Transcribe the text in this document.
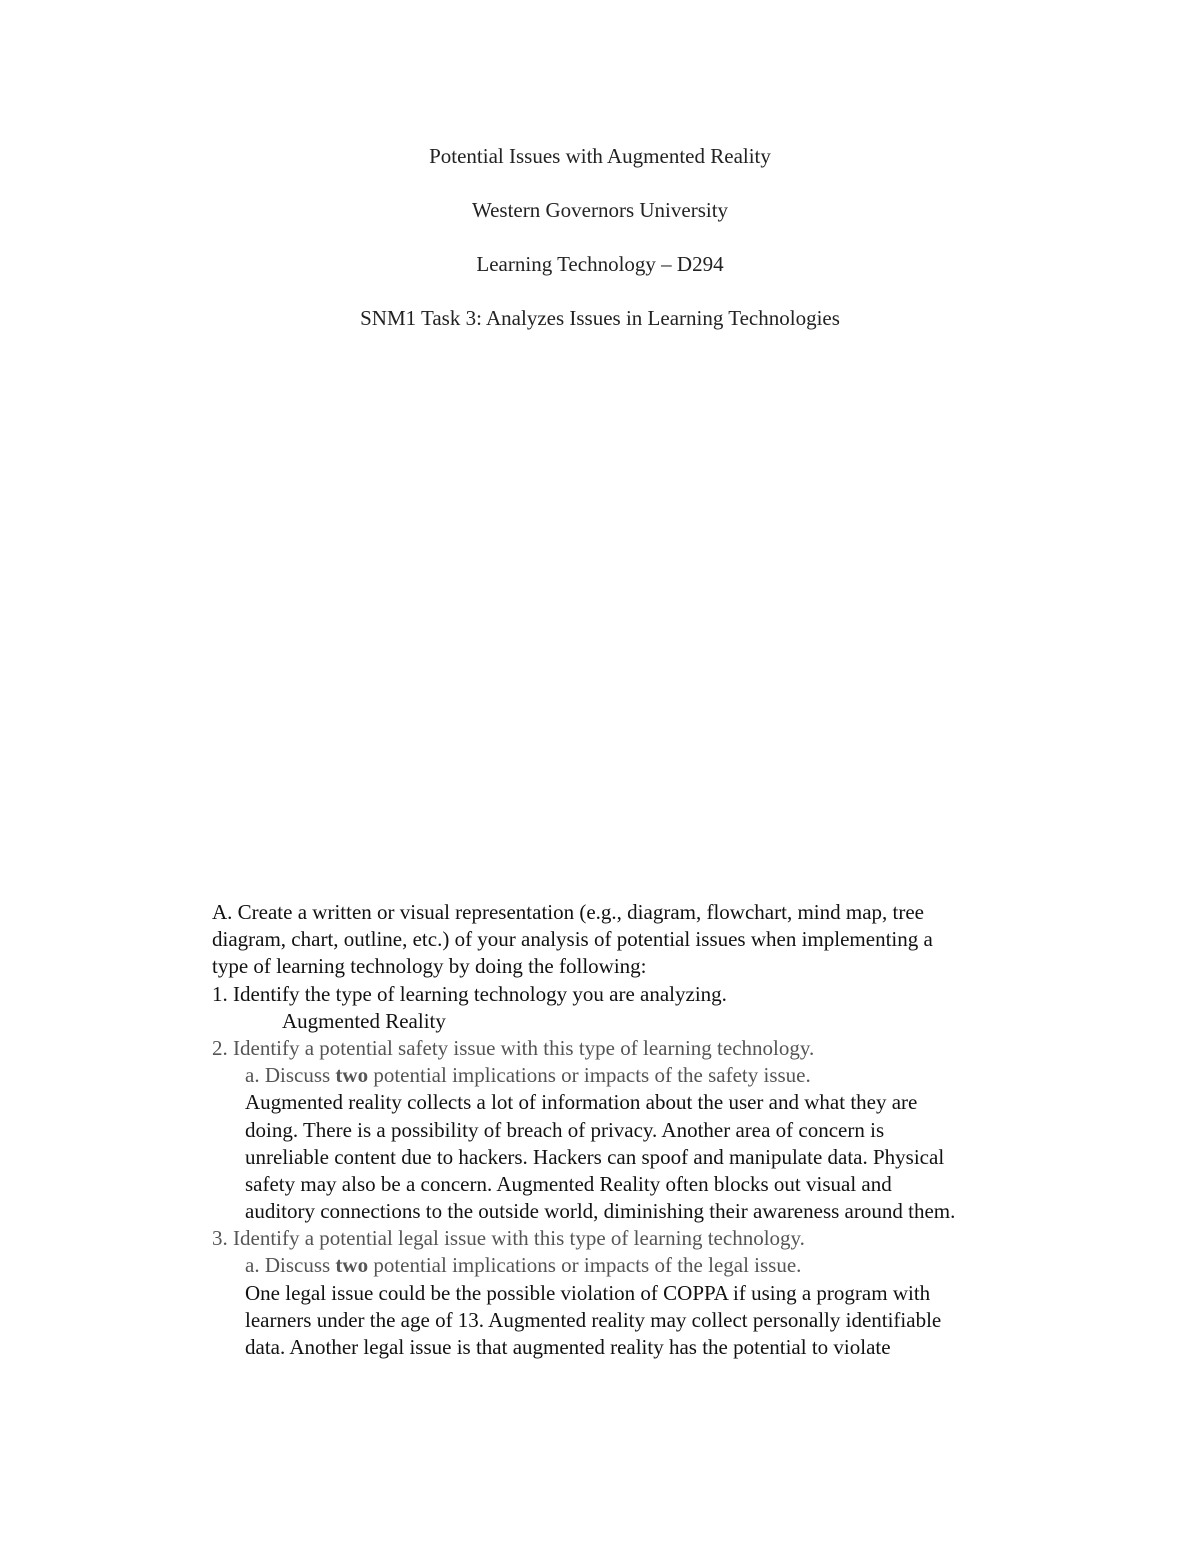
Potential Issues with Augmented Reality
Western Governors University
Learning Technology – D294
SNM1 Task 3: Analyzes Issues in Learning Technologies
A. Create a written or visual representation (e.g., diagram, flowchart, mind map, tree
diagram, chart, outline, etc.) of your analysis of potential issues when implementing a
type of learning technology by doing the following:
1. Identify the type of learning technology you are analyzing.
Augmented Reality
2. Identify a potential safety issue with this type of learning technology.
a. Discuss two potential implications or impacts of the safety issue.
Augmented reality collects a lot of information about the user and what they are
doing. There is a possibility of breach of privacy. Another area of concern is
unreliable content due to hackers. Hackers can spoof and manipulate data. Physical
safety may also be a concern. Augmented Reality often blocks out visual and
auditory connections to the outside world, diminishing their awareness around them.
3. Identify a potential legal issue with this type of learning technology.
a. Discuss two potential implications or impacts of the legal issue.
One legal issue could be the possible violation of COPPA if using a program with
learners under the age of 13. Augmented reality may collect personally identifiable
data. Another legal issue is that augmented reality has the potential to violate
